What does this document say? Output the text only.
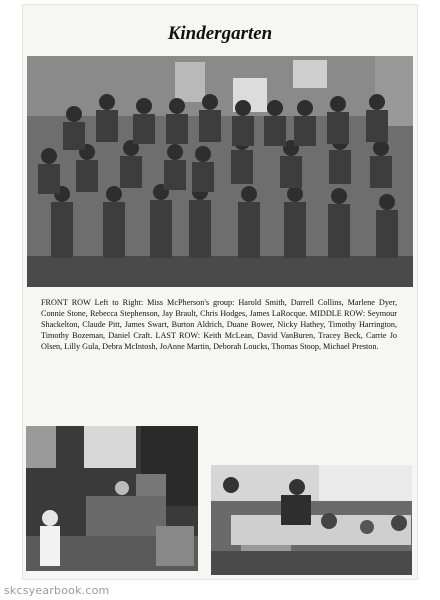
Kindergarten

FRONT ROW Left to Right: Miss McPherson's group: Harold Smith, Darrell Collins, Marlene Dyer, Connie Stone, Rebecca Stephenson, Jay Brault, Chris Hodges, James LaRocque. MIDDLE ROW: Seymour Shackelton, Claude Pitt, James Swart, Burton Aldrich, Duane Bower, Nicky Hathey, Timothy Harrington, Timothy Bozeman, Daniel Craft. LAST ROW: Keith McLean, David VanBuren, Tracey Beck, Carrie Jo Olsen, Lilly Gula, Debra McIntosh, JoAnne Martin, Deborah Loucks, Thomas Stoop, Michael Preston.

skcsyearbook.com
